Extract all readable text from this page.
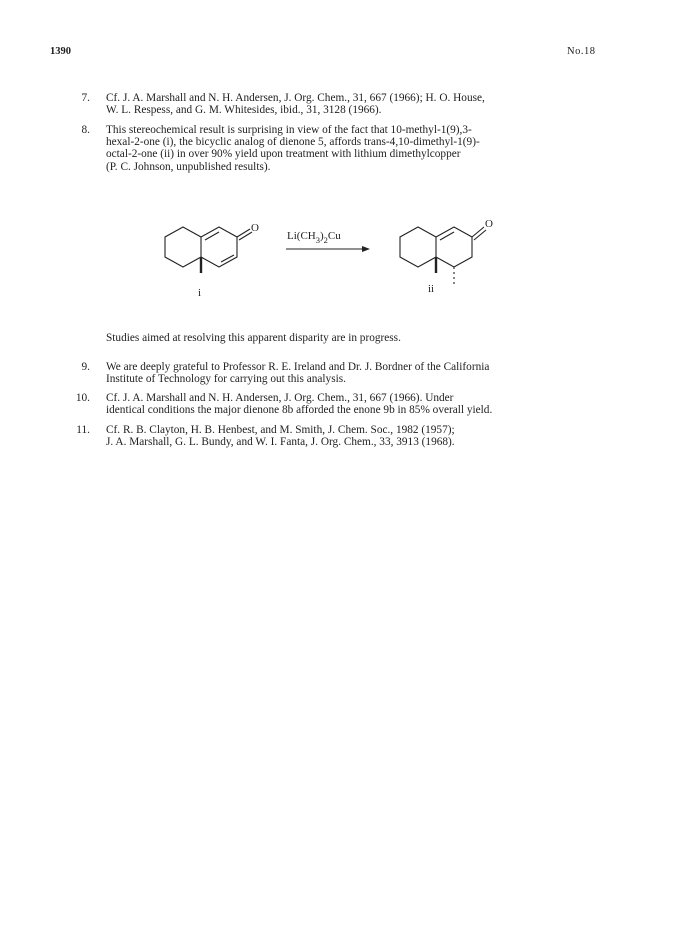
1390	No.18
7. Cf. J. A. Marshall and N. H. Andersen, J. Org. Chem., 31, 667 (1966); H. O. House,
W. L. Respess, and G. M. Whitesides, ibid., 31, 3128 (1966).
8. This stereochemical result is surprising in view of the fact that 10-methyl-1(9),3-
hexal-2-one (i), the bicyclic analog of dienone 5, affords trans-4,10-dimethyl-1(9)-
octal-2-one (ii) in over 90% yield upon treatment with lithium dimethylcopper
(P. C. Johnson, unpublished results).
O
$Li(CH_3)_2Cu$
O
i	ii
Studies aimed at resolving this apparent disparity are in progress.
9. We are deeply grateful to Professor R. E. Ireland and Dr. J. Bordner of the California
Institute of Technology for carrying out this analysis.
10. Cf. J. A. Marshall and N. H. Andersen, J. Org. Chem., 31, 667 (1966). Under
identical conditions the major dienone 8b afforded the enone 9b in 85% overall yield.
11. Cf. R. B. Clayton, H. B. Henbest, and M. Smith, J. Chem. Soc., 1982 (1957);
J. A. Marshall, G. L. Bundy, and W. I. Fanta, J. Org. Chem., 33, 3913 (1968).
